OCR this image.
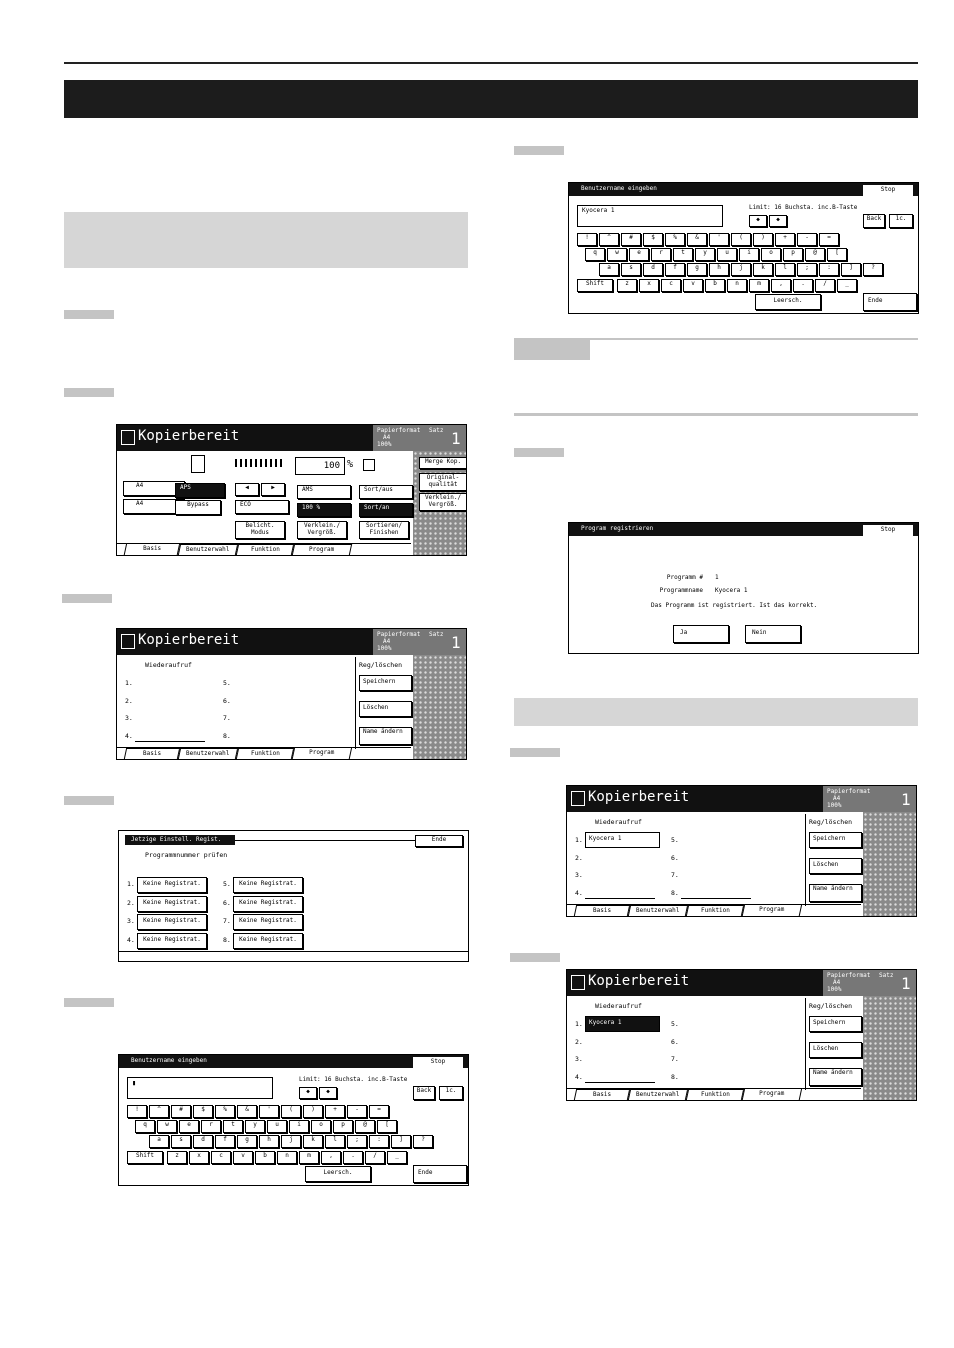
Kopierbereit	Papierformat
A4
100%
Satz 1
A4
A4
APS
Bypass
◀	▶
ECO
Belicht. Modus
100 %
AMS
100 %
Verklein./ Vergröß.
Sort/aus
Sort/an
Sortieren/ Finishen
Merge Kop.
Original- qualität
Verklein./ Vergröß.
Basis	Benutzerwahl	Funktion	Program
Kopierbereit	Papierformat
A4
100%
Satz 1
Wiederaufruf
1.
2.
3.
4.
5.
6.
7.
8.
Reg/löschen
Speichern
Löschen
Name ändern
Basis	Benutzerwahl	Funktion	Program
Jetzige Einstell. Regist.	Ende
Programmnummer prüfen
1.	Keine Registrat.
2.	Keine Registrat.
3.	Keine Registrat.
4.	Keine Registrat.
5.	Keine Registrat.
6.	Keine Registrat.
7.	Keine Registrat.
8.	Keine Registrat.
Benutzername eingeben	Stop
▮	Limit: 16 Buchsta. inc.B-Taste
◆	◆	Back	1c.
Shift
Leersch.	Ende
!	^	#	$	%	&	'	(	)	+	-	=
q	w	e	r	t	y	u	i	o	p	@	[
a	s	d	f	g	h	j	k	l	;	:	]	?
z	x	c	v	b	n	m	,	.	/	_
Benutzername eingeben	Stop
Kyocera 1	Limit: 16 Buchsta. inc.B-Taste
◆	◆	Back	1c.
Shift
Leersch.	Ende
!	^	#	$	%	&	'	(	)	+	-	=
q	w	e	r	t	y	u	i	o	p	@	[
a	s	d	f	g	h	j	k	l	;	:	]	?
z	x	c	v	b	n	m	,	.	/	_
Program registrieren	Stop
Programm # 1
Programmname Kyocera 1
Das Programm ist registriert. Ist das korrekt.
Ja	Nein
Kopierbereit	Papierformat
A4
100%	1
Wiederaufruf
1.	Kyocera 1
2.
3.
4.
5.
6.
7.
8.
Reg/löschen
Speichern
Löschen
Name ändern
Basis	Benutzerwahl	Funktion	Program
Kopierbereit	Papierformat
A4
100%
Satz 1
Wiederaufruf
1.	Kyocera 1
2.
3.
4.
5.
6.
7.
8.
Reg/löschen
Speichern
Löschen
Name ändern
Basis	Benutzerwahl	Funktion	Program
